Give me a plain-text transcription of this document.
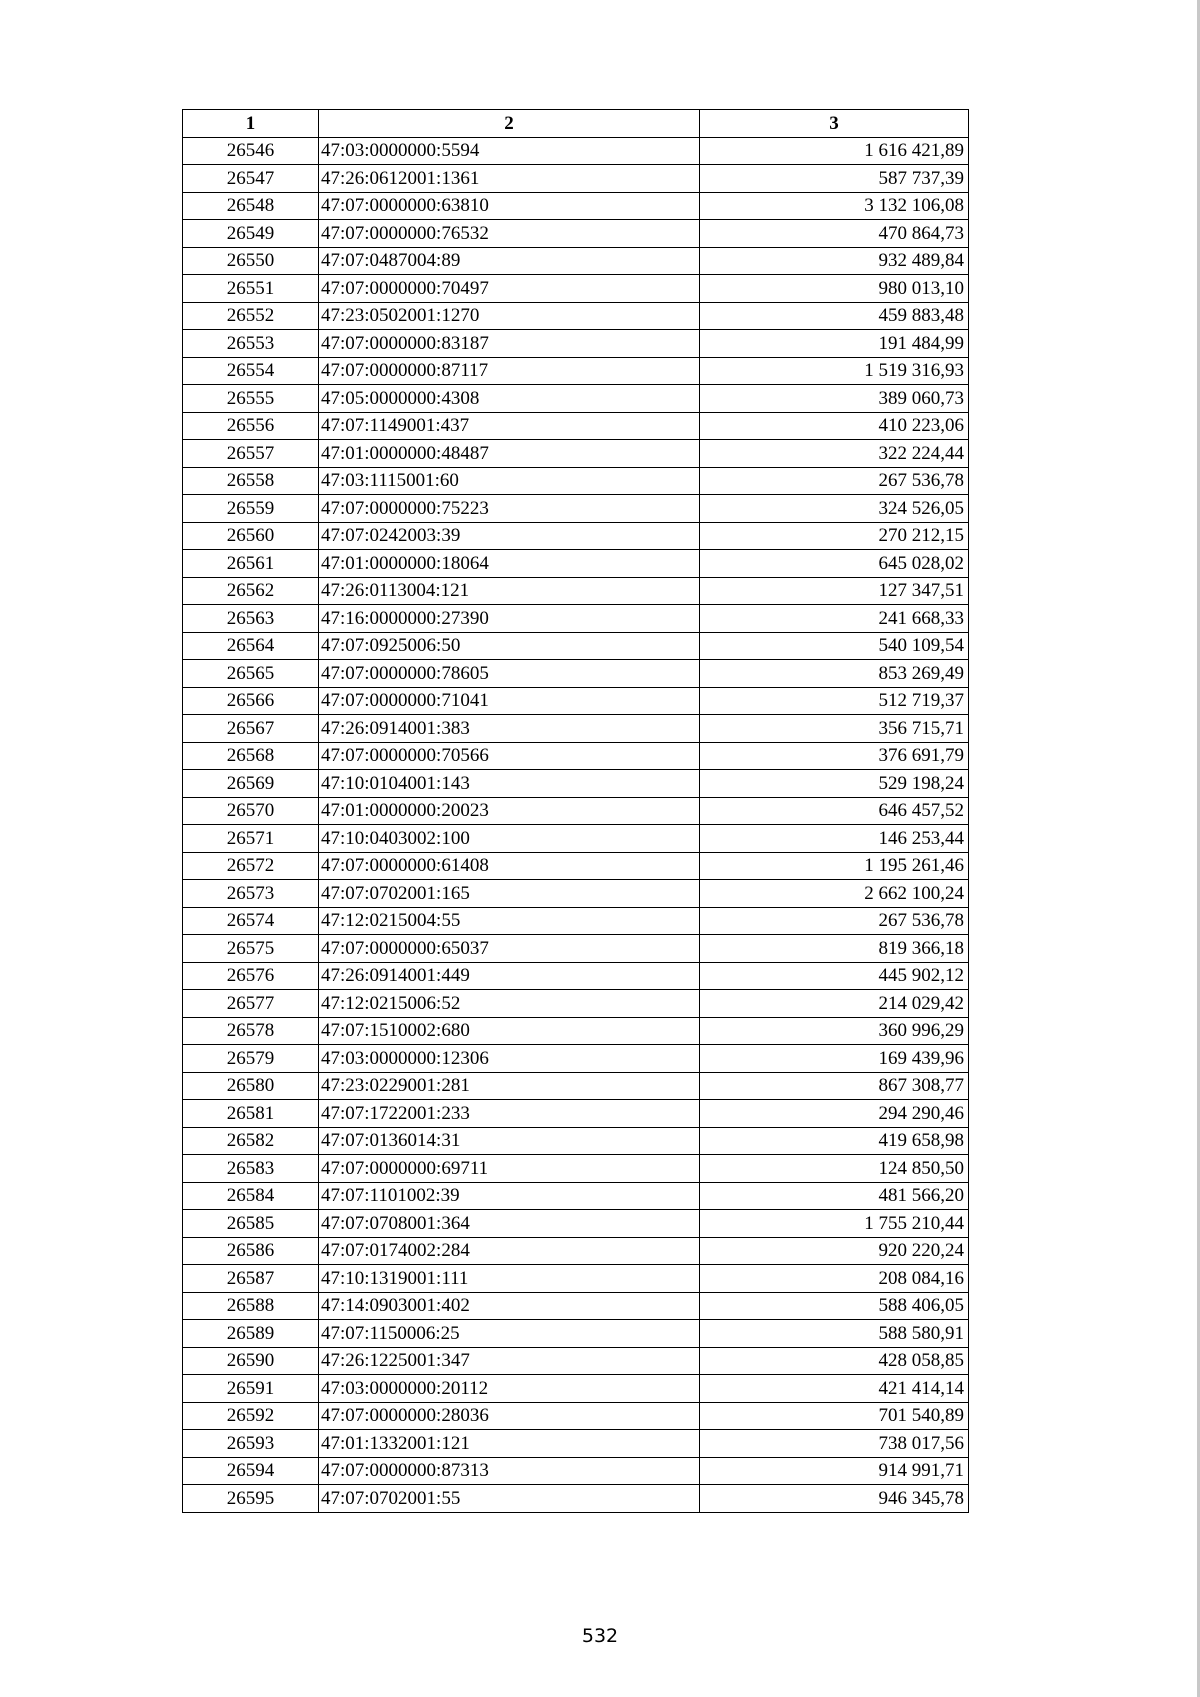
1	2	3
26546	47:03:0000000:5594	1 616 421,89
26547	47:26:0612001:1361	587 737,39
26548	47:07:0000000:63810	3 132 106,08
26549	47:07:0000000:76532	470 864,73
26550	47:07:0487004:89	932 489,84
26551	47:07:0000000:70497	980 013,10
26552	47:23:0502001:1270	459 883,48
26553	47:07:0000000:83187	191 484,99
26554	47:07:0000000:87117	1 519 316,93
26555	47:05:0000000:4308	389 060,73
26556	47:07:1149001:437	410 223,06
26557	47:01:0000000:48487	322 224,44
26558	47:03:1115001:60	267 536,78
26559	47:07:0000000:75223	324 526,05
26560	47:07:0242003:39	270 212,15
26561	47:01:0000000:18064	645 028,02
26562	47:26:0113004:121	127 347,51
26563	47:16:0000000:27390	241 668,33
26564	47:07:0925006:50	540 109,54
26565	47:07:0000000:78605	853 269,49
26566	47:07:0000000:71041	512 719,37
26567	47:26:0914001:383	356 715,71
26568	47:07:0000000:70566	376 691,79
26569	47:10:0104001:143	529 198,24
26570	47:01:0000000:20023	646 457,52
26571	47:10:0403002:100	146 253,44
26572	47:07:0000000:61408	1 195 261,46
26573	47:07:0702001:165	2 662 100,24
26574	47:12:0215004:55	267 536,78
26575	47:07:0000000:65037	819 366,18
26576	47:26:0914001:449	445 902,12
26577	47:12:0215006:52	214 029,42
26578	47:07:1510002:680	360 996,29
26579	47:03:0000000:12306	169 439,96
26580	47:23:0229001:281	867 308,77
26581	47:07:1722001:233	294 290,46
26582	47:07:0136014:31	419 658,98
26583	47:07:0000000:69711	124 850,50
26584	47:07:1101002:39	481 566,20
26585	47:07:0708001:364	1 755 210,44
26586	47:07:0174002:284	920 220,24
26587	47:10:1319001:111	208 084,16
26588	47:14:0903001:402	588 406,05
26589	47:07:1150006:25	588 580,91
26590	47:26:1225001:347	428 058,85
26591	47:03:0000000:20112	421 414,14
26592	47:07:0000000:28036	701 540,89
26593	47:01:1332001:121	738 017,56
26594	47:07:0000000:87313	914 991,71
26595	47:07:0702001:55	946 345,78
532
